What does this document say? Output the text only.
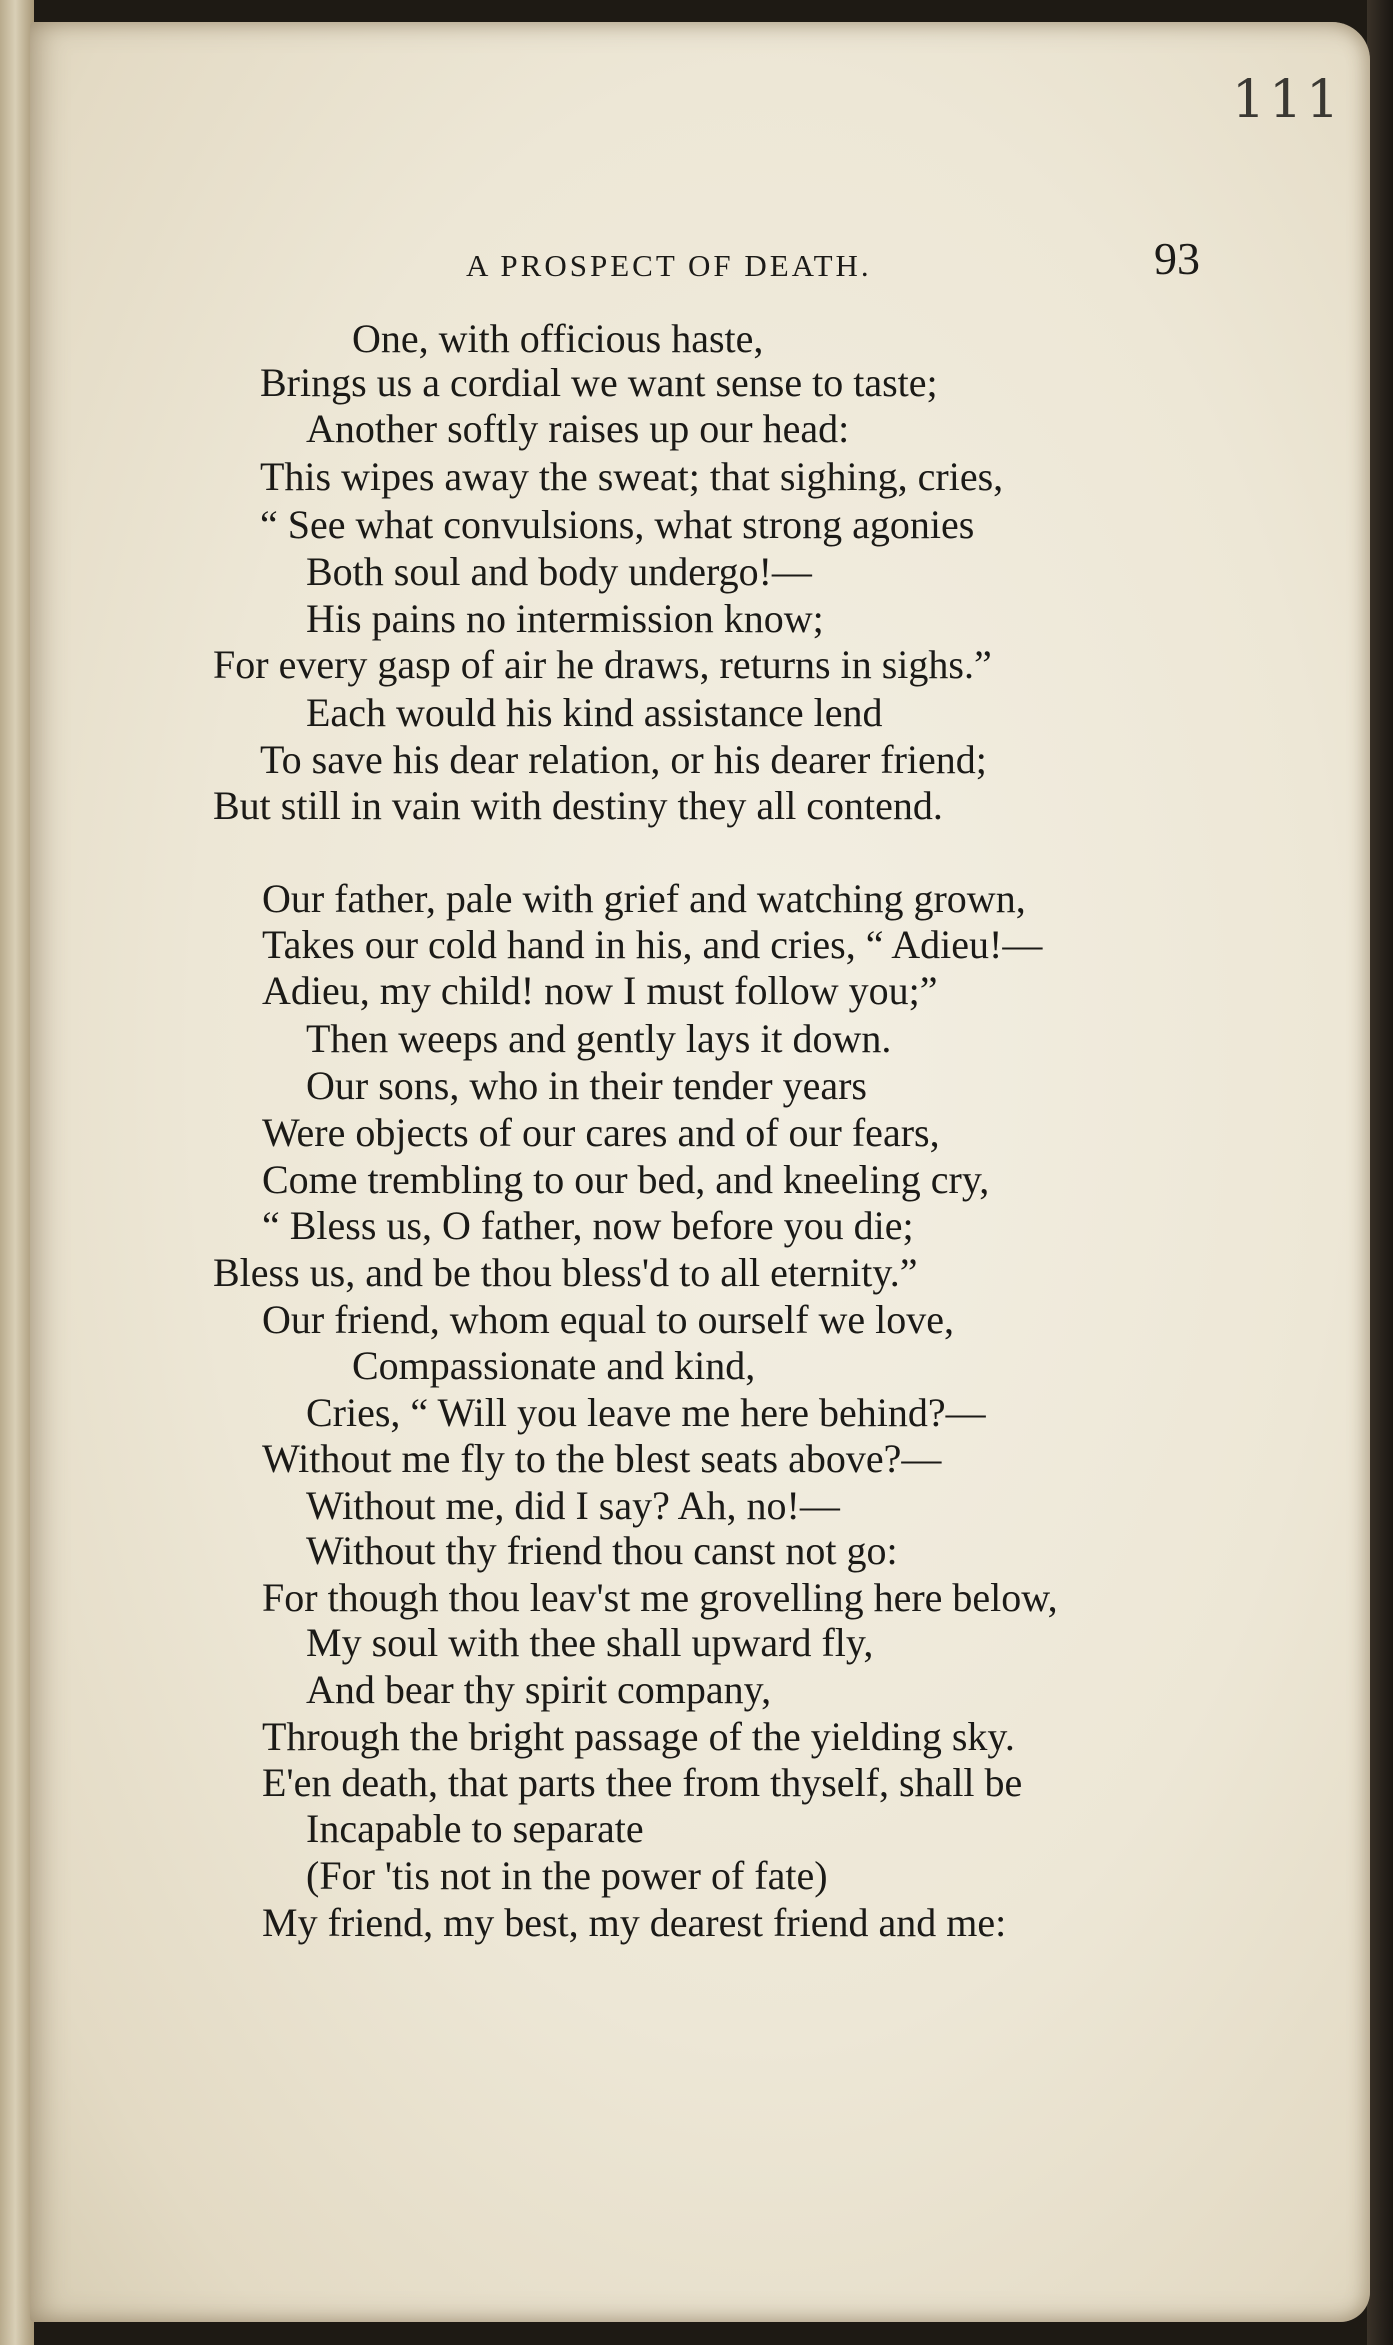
111
A PROSPECT OF DEATH.	93
One, with officious haste,
Brings us a cordial we want sense to taste;
Another softly raises up our head:
This wipes away the sweat; that sighing, cries,
“ See what convulsions, what strong agonies
Both soul and body undergo!—
His pains no intermission know;
For every gasp of air he draws, returns in sighs.”
Each would his kind assistance lend
To save his dear relation, or his dearer friend;
But still in vain with destiny they all contend.
Our father, pale with grief and watching grown,
Takes our cold hand in his, and cries, “ Adieu!—
Adieu, my child! now I must follow you;”
Then weeps and gently lays it down.
Our sons, who in their tender years
Were objects of our cares and of our fears,
Come trembling to our bed, and kneeling cry,
“ Bless us, O father, now before you die;
Bless us, and be thou bless'd to all eternity.”
Our friend, whom equal to ourself we love,
Compassionate and kind,
Cries, “ Will you leave me here behind?—
Without me fly to the blest seats above?—
Without me, did I say? Ah, no!—
Without thy friend thou canst not go:
For though thou leav'st me grovelling here below,
My soul with thee shall upward fly,
And bear thy spirit company,
Through the bright passage of the yielding sky.
E'en death, that parts thee from thyself, shall be
Incapable to separate
(For 'tis not in the power of fate)
My friend, my best, my dearest friend and me:
